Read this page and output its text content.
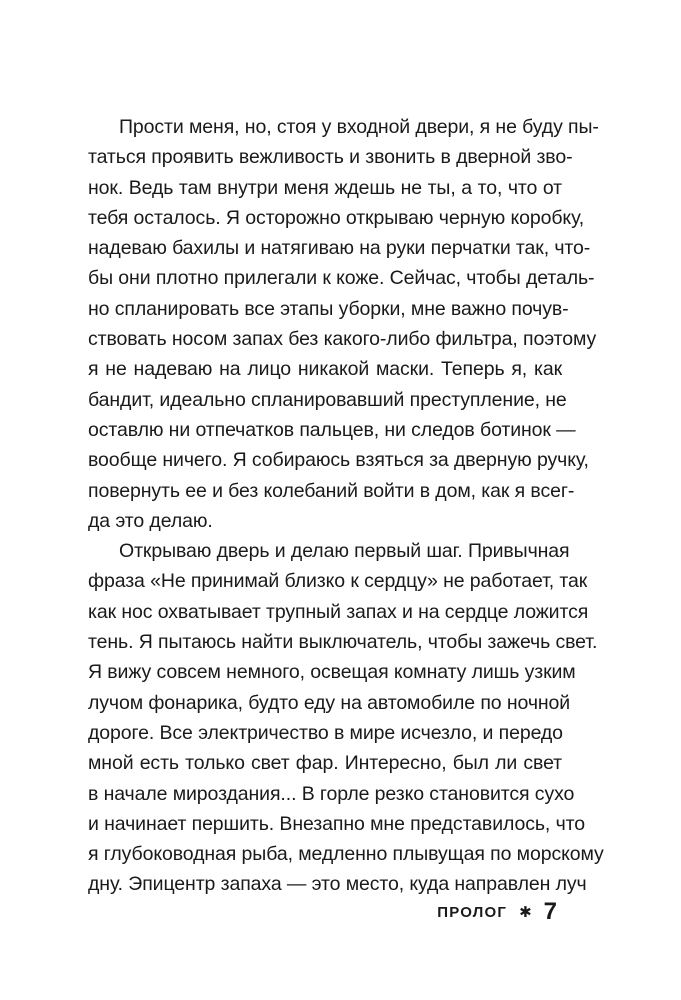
Прости меня, но, стоя у входной двери, я не буду пы-
таться проявить вежливость и звонить в дверной зво-
нок. Ведь там внутри меня ждешь не ты, а то, что от
тебя осталось. Я осторожно открываю черную коробку,
надеваю бахилы и натягиваю на руки перчатки так, что-
бы они плотно прилегали к коже. Сейчас, чтобы деталь-
но спланировать все этапы уборки, мне важно почув-
ствовать носом запах без какого-либо фильтра, поэтому
я не надеваю на лицо никакой маски. Теперь я, как
бандит, идеально спланировавший преступление, не
оставлю ни отпечатков пальцев, ни следов ботинок —
вообще ничего. Я собираюсь взяться за дверную ручку,
повернуть ее и без колебаний войти в дом, как я всег-
да это делаю.
Открываю дверь и делаю первый шаг. Привычная
фраза «Не принимай близко к сердцу» не работает, так
как нос охватывает трупный запах и на сердце ложится
тень. Я пытаюсь найти выключатель, чтобы зажечь свет.
Я вижу совсем немного, освещая комнату лишь узким
лучом фонарика, будто еду на автомобиле по ночной
дороге. Все электричество в мире исчезло, и передо
мной есть только свет фар. Интересно, был ли свет
в начале мироздания... В горле резко становится сухо
и начинает першить. Внезапно мне представилось, что
я глубоководная рыба, медленно плывущая по морскому
дну. Эпицентр запаха — это место, куда направлен луч
ПРОЛОГ ✱ 7
